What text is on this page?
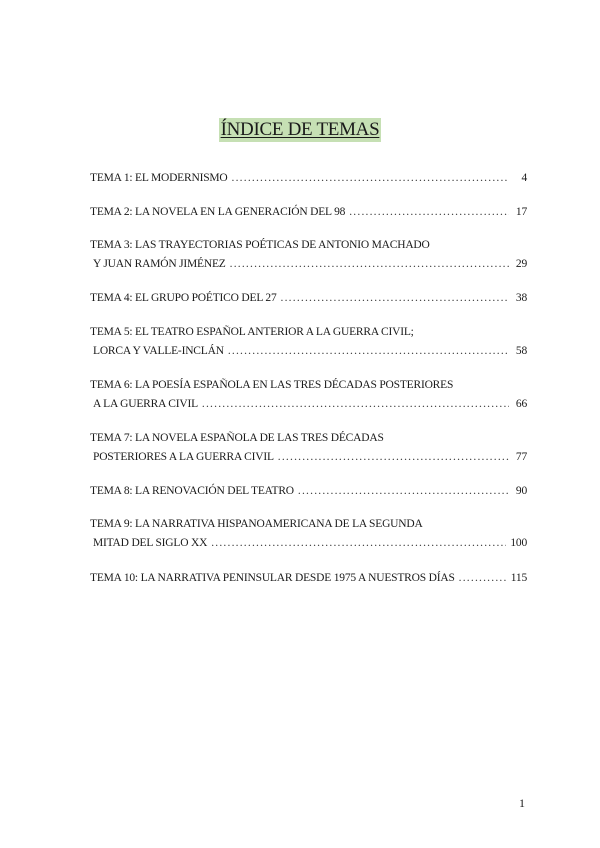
ÍNDICE DE TEMAS
TEMA 1: EL MODERNISMO .....	4
TEMA 2: LA NOVELA EN LA GENERACIÓN DEL 98 .....	17
TEMA 3: LAS TRAYECTORIAS POÉTICAS DE ANTONIO MACHADO
Y JUAN RAMÓN JIMÉNEZ .....	29
TEMA 4: EL GRUPO POÉTICO DEL 27 .....	38
TEMA 5: EL TEATRO ESPAÑOL ANTERIOR A LA GUERRA CIVIL;
LORCA Y VALLE-INCLÁN .....	58
TEMA 6: LA POESÍA ESPAÑOLA EN LAS TRES DÉCADAS POSTERIORES
A LA GUERRA CIVIL .....	66
TEMA 7: LA NOVELA ESPAÑOLA DE LAS TRES DÉCADAS
POSTERIORES A LA GUERRA CIVIL .....	77
TEMA 8: LA RENOVACIÓN DEL TEATRO .....	90
TEMA 9: LA NARRATIVA HISPANOAMERICANA DE LA SEGUNDA
MITAD DEL SIGLO XX .....	100
TEMA 10: LA NARRATIVA PENINSULAR DESDE 1975 A NUESTROS DÍAS .....	115
1
